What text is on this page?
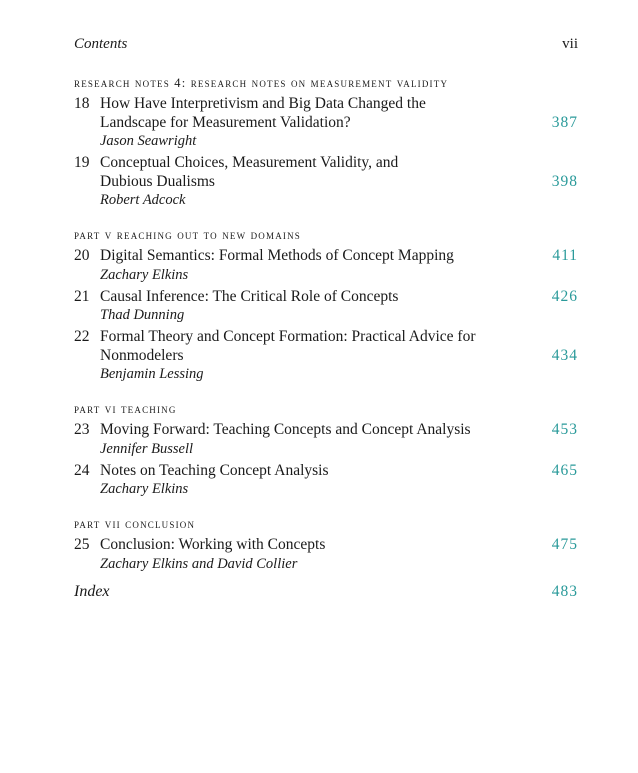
Contents	vii
research notes 4: research notes on measurement validity
18 How Have Interpretivism and Big Data Changed the
Landscape for Measurement Validation?	387
Jason Seawright
19 Conceptual Choices, Measurement Validity, and
Dubious Dualisms	398
Robert Adcock
part v reaching out to new domains
20 Digital Semantics: Formal Methods of Concept Mapping	411
Zachary Elkins
21 Causal Inference: The Critical Role of Concepts	426
Thad Dunning
22 Formal Theory and Concept Formation: Practical Advice for
Nonmodelers	434
Benjamin Lessing
part vi teaching
23 Moving Forward: Teaching Concepts and Concept Analysis	453
Jennifer Bussell
24 Notes on Teaching Concept Analysis	465
Zachary Elkins
part vii conclusion
25 Conclusion: Working with Concepts	475
Zachary Elkins and David Collier
Index	483
